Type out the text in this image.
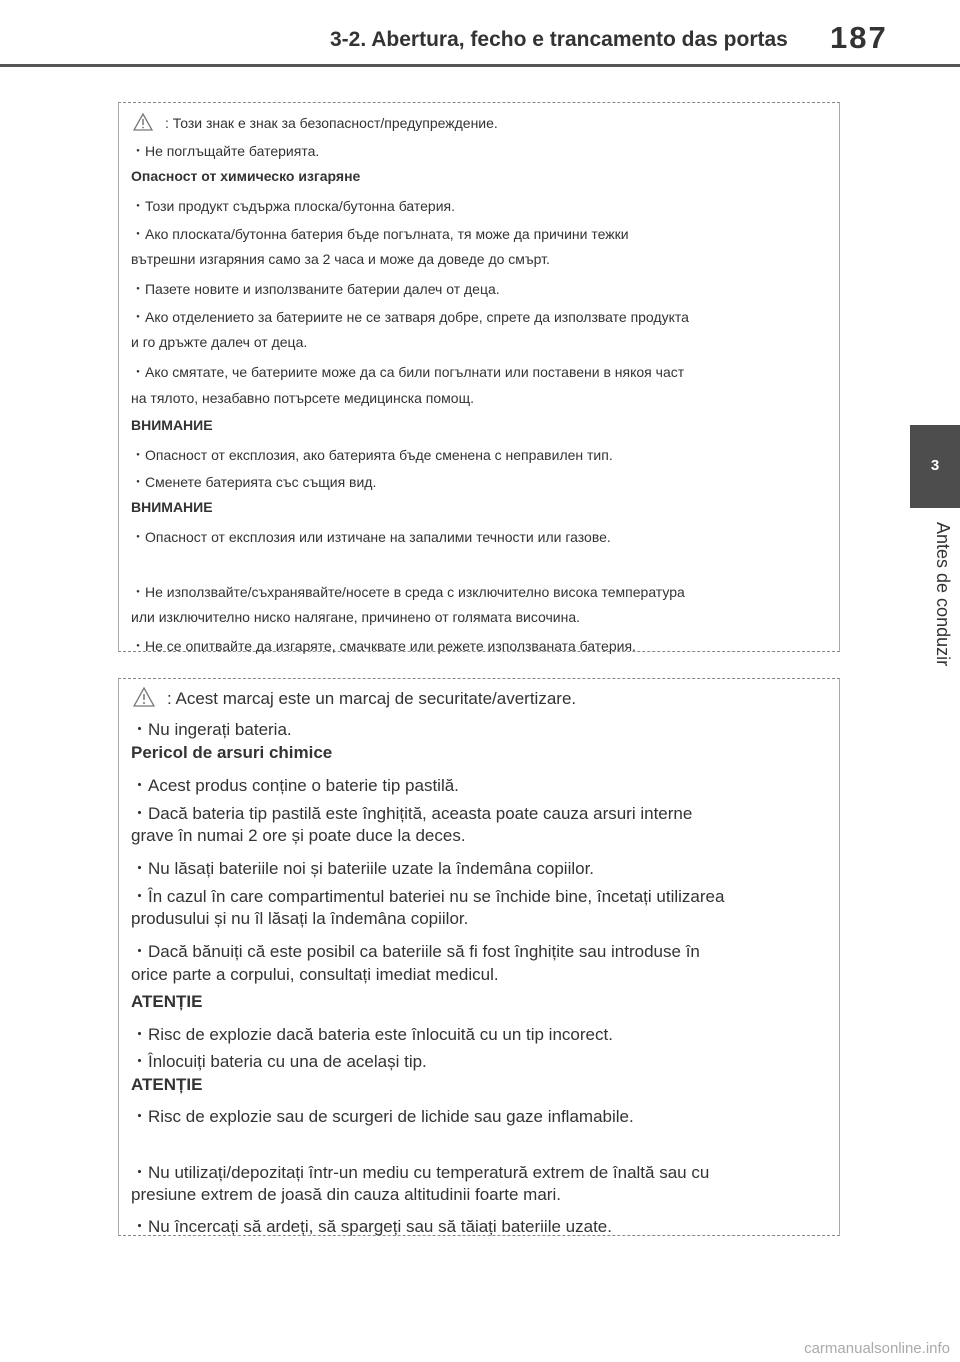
3-2. Abertura, fecho e trancamento das portas	187
3
Antes de conduzir
: Този знак е знак за безопасност/предупреждение.
・Не поглъщайте батерията.
Опасност от химическо изгаряне
・Този продукт съдържа плоска/бутонна батерия.
・Ако плоската/бутонна батерия бъде погълната, тя може да причини тежки
вътрешни изгаряния само за 2 часа и може да доведе до смърт.
・Пазете новите и използваните батерии далеч от деца.
・Ако отделението за батериите не се затваря добре, спрете да използвате продукта
и го дръжте далеч от деца.
・Ако смятате, че батериите може да са били погълнати или поставени в някоя част
на тялото, незабавно потърсете медицинска помощ.
ВНИМАНИЕ
・Опасност от експлозия, ако батерията бъде сменена с неправилен тип.
・Сменете батерията със същия вид.
ВНИМАНИЕ
・Опасност от експлозия или изтичане на запалими течности или газове.
・Не използвайте/съхранявайте/носете в среда с изключително висока температура
или изключително ниско налягане, причинено от голямата височина.
・Не се опитвайте да изгаряте, смачквате или режете използваната батерия.
: Acest marcaj este un marcaj de securitate/avertizare.
・Nu ingerați bateria.
Pericol de arsuri chimice
・Acest produs conține o baterie tip pastilă.
・Dacă bateria tip pastilă este înghițită, aceasta poate cauza arsuri interne
grave în numai 2 ore și poate duce la deces.
・Nu lăsați bateriile noi și bateriile uzate la îndemâna copiilor.
・În cazul în care compartimentul bateriei nu se închide bine, încetați utilizarea
produsului și nu îl lăsați la îndemâna copiilor.
・Dacă bănuiți că este posibil ca bateriile să fi fost înghițite sau introduse în
orice parte a corpului, consultați imediat medicul.
ATENȚIE
・Risc de explozie dacă bateria este înlocuită cu un tip incorect.
・Înlocuiți bateria cu una de același tip.
ATENȚIE
・Risc de explozie sau de scurgeri de lichide sau gaze inflamabile.
・Nu utilizați/depozitați într-un mediu cu temperatură extrem de înaltă sau cu
presiune extrem de joasă din cauza altitudinii foarte mari.
・Nu încercați să ardeți, să spargeți sau să tăiați bateriile uzate.
carmanualsonline.info
